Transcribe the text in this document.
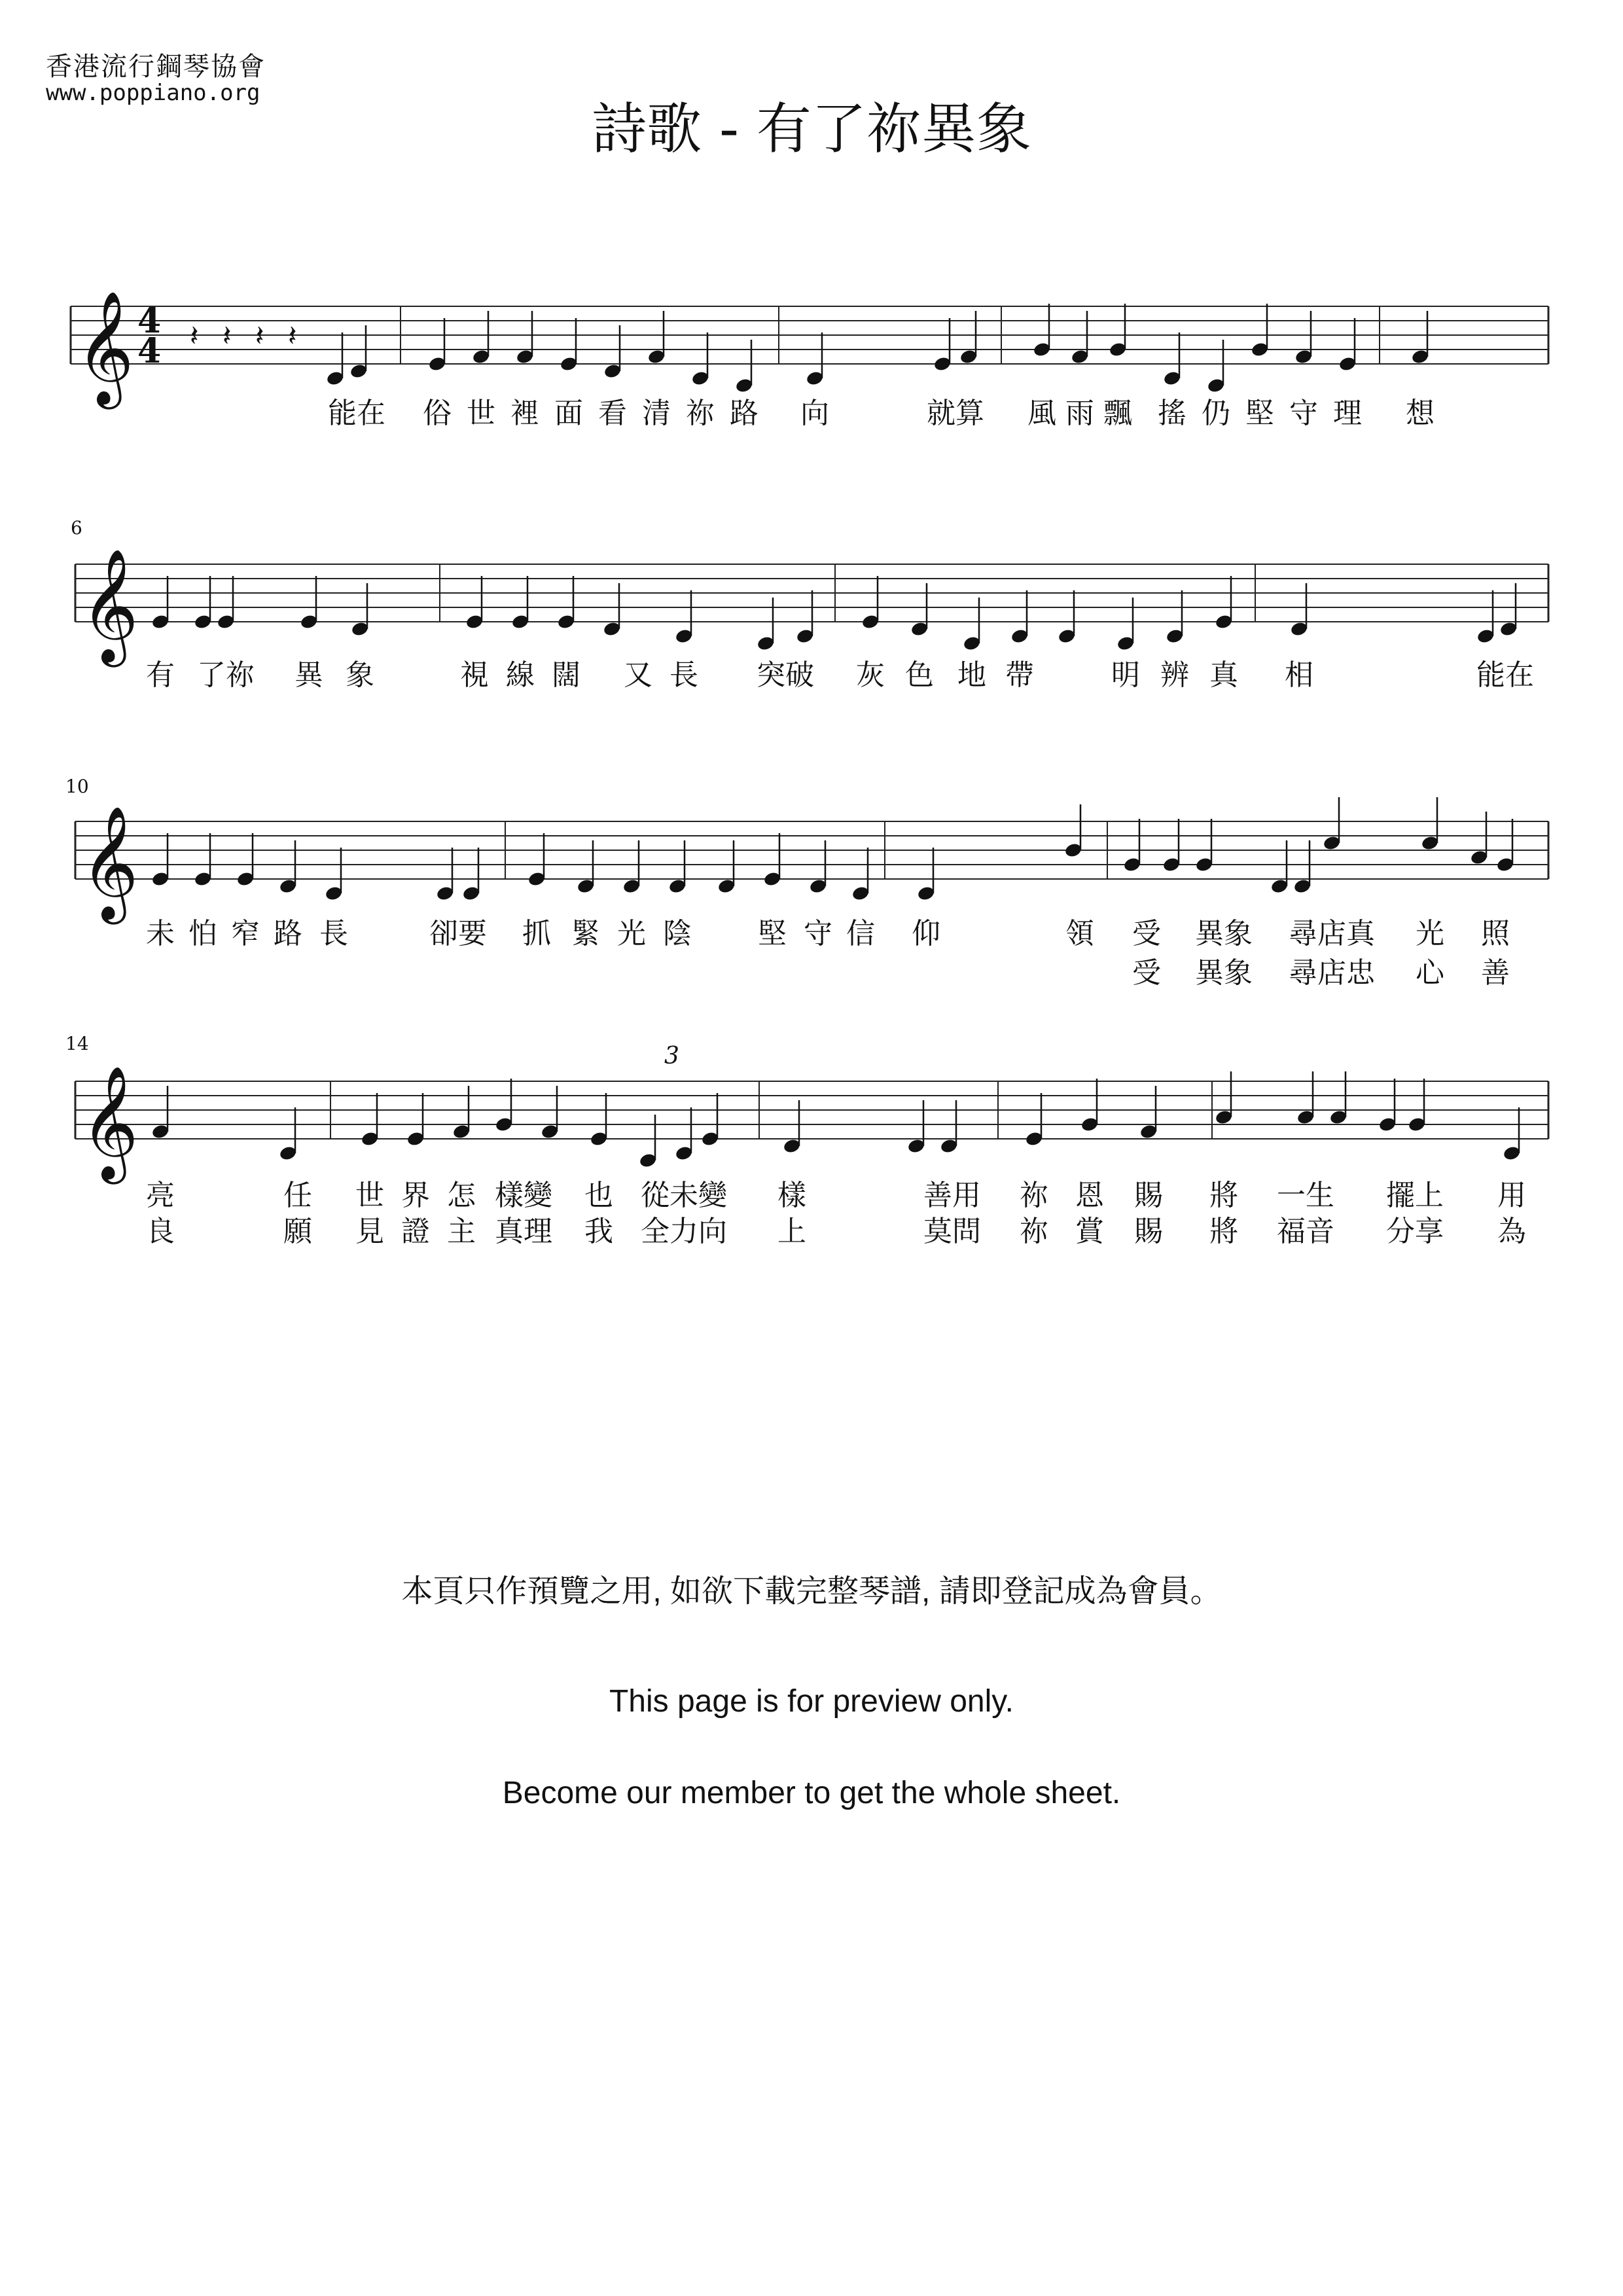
香港流行鋼琴協會
www.poppiano.org
詩歌 - 有了祢異象
𝄞 4
4
𝄞
𝄞
𝄞
𝄽 𝄽 𝄽 𝄽
3
6
10
14
能在 俗 世 裡 面 看 清 祢 路 向	就算 風 雨 飄 搖 仍 堅 守 理 想
有 了祢 異 象	視 線 闊 又 長 突破 灰 色 地 帶	明 辨 真 相	能在
未 怕 窄 路 長	卻要 抓 緊 光 陰 堅 守 信 仰	領 受 異象 尋店真 光 照
受 異象 尋店忠 心 善
亮	任 世 界 怎 樣變 也 從未變 樣	善用 祢 恩 賜 將 一生 擺上 用
良	願 見 證 主 真理 我 全力向 上	莫問 祢 賞 賜 將 福音 分享 為
本頁只作預覽之用, 如欲下載完整琴譜, 請即登記成為會員。
This page is for preview only.
Become our member to get the whole sheet.
